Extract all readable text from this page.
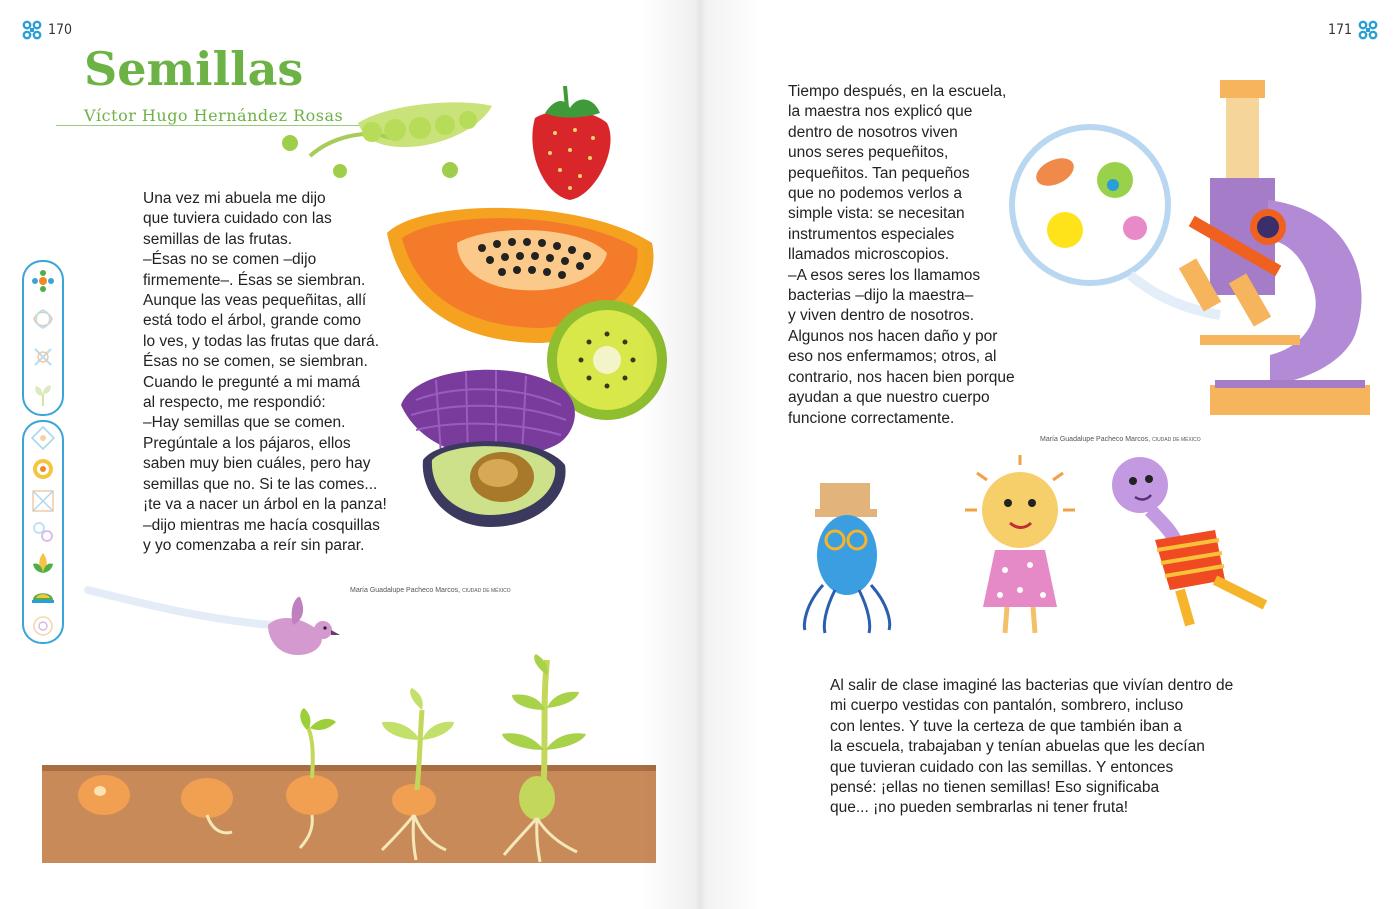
170
Semillas
Víctor Hugo Hernández Rosas

Una vez mi abuela me dijo
que tuviera cuidado con las
semillas de las frutas.
–Ésas no se comen –dijo
firmemente–. Ésas se siembran.
Aunque las veas pequeñitas, allí
está todo el árbol, grande como
lo ves, y todas las frutas que dará.
Ésas no se comen, se siembran.
Cuando le pregunté a mi mamá
al respecto, me respondió:
–Hay semillas que se comen.
Pregúntale a los pájaros, ellos
saben muy bien cuáles, pero hay
semillas que no. Si te las comes...
¡te va a nacer un árbol en la panza!
–dijo mientras me hacía cosquillas
y yo comenzaba a reír sin parar.

María Guadalupe Pacheco Marcos, CIUDAD DE MÉXICO
171

Tiempo después, en la escuela,
la maestra nos explicó que
dentro de nosotros viven
unos seres pequeñitos,
pequeñitos. Tan pequeños
que no podemos verlos a
simple vista: se necesitan
instrumentos especiales
llamados microscopios.
–A esos seres los llamamos
bacterias –dijo la maestra–
y viven dentro de nosotros.
Algunos nos hacen daño y por
eso nos enfermamos; otros, al
contrario, nos hacen bien porque
ayudan a que nuestro cuerpo
funcione correctamente.

María Guadalupe Pacheco Marcos, CIUDAD DE MÉXICO

Al salir de clase imaginé las bacterias que vivían dentro de
mi cuerpo vestidas con pantalón, sombrero, incluso
con lentes. Y tuve la certeza de que también iban a
la escuela, trabajaban y tenían abuelas que les decían
que tuvieran cuidado con las semillas. Y entonces
pensé: ¡ellas no tienen semillas! Eso significaba
que... ¡no pueden sembrarlas ni tener fruta!
